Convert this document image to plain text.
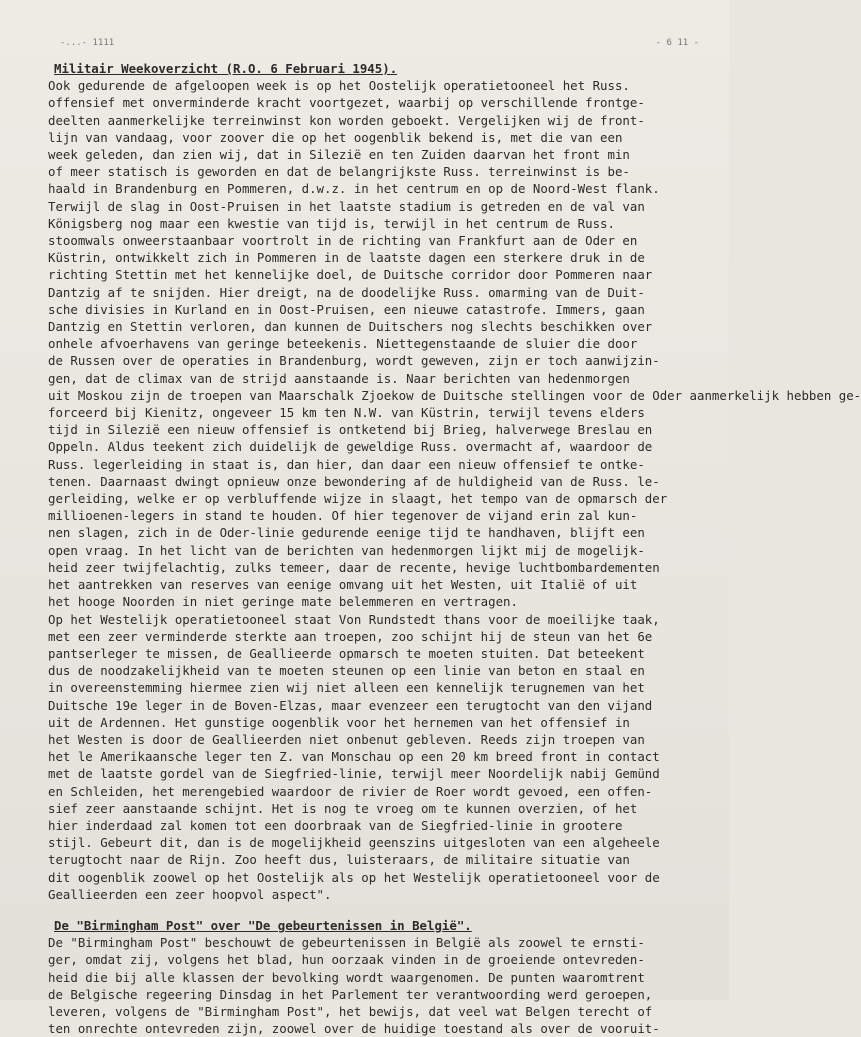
-...- 1111	- 6 11 -
Militair Weekoverzicht (R.O. 6 Februari 1945).
Ook gedurende de afgeloopen week is op het Oostelijk operatietooneel het Russ.
offensief met onverminderde kracht voortgezet, waarbij op verschillende frontge-
deelten aanmerkelijke terreinwinst kon worden geboekt. Vergelijken wij de front-
lijn van vandaag, voor zoover die op het oogenblik bekend is, met die van een
week geleden, dan zien wij, dat in Silezië en ten Zuiden daarvan het front min
of meer statisch is geworden en dat de belangrijkste Russ. terreinwinst is be-
haald in Brandenburg en Pommeren, d.w.z. in het centrum en op de Noord-West flank.
Terwijl de slag in Oost-Pruisen in het laatste stadium is getreden en de val van
Königsberg nog maar een kwestie van tijd is, terwijl in het centrum de Russ.
stoomwals onweerstaanbaar voortrolt in de richting van Frankfurt aan de Oder en
Küstrin, ontwikkelt zich in Pommeren in de laatste dagen een sterkere druk in de
richting Stettin met het kennelijke doel, de Duitsche corridor door Pommeren naar
Dantzig af te snijden. Hier dreigt, na de doodelijke Russ. omarming van de Duit-
sche divisies in Kurland en in Oost-Pruisen, een nieuwe catastrofe. Immers, gaan
Dantzig en Stettin verloren, dan kunnen de Duitschers nog slechts beschikken over
onhele afvoerhavens van geringe beteekenis. Niettegenstaande de sluier die door
de Russen over de operaties in Brandenburg, wordt geweven, zijn er toch aanwijzin-
gen, dat de climax van de strijd aanstaande is. Naar berichten van hedenmorgen
uit Moskou zijn de troepen van Maarschalk Zjoekow de Duitsche stellingen voor de Oder aanmerkelijk hebben ge-
forceerd bij Kienitz, ongeveer 15 km ten N.W. van Küstrin, terwijl tevens elders
tijd in Silezië een nieuw offensief is ontketend bij Brieg, halverwege Breslau en
Oppeln. Aldus teekent zich duidelijk de geweldige Russ. overmacht af, waardoor de
Russ. legerleiding in staat is, dan hier, dan daar een nieuw offensief te ontke-
tenen. Daarnaast dwingt opnieuw onze bewondering af de huldigheid van de Russ. le-
gerleiding, welke er op verbluffende wijze in slaagt, het tempo van de opmarsch der
millioenen-legers in stand te houden. Of hier tegenover de vijand erin zal kun-
nen slagen, zich in de Oder-linie gedurende eenige tijd te handhaven, blijft een
open vraag. In het licht van de berichten van hedenmorgen lijkt mij de mogelijk-
heid zeer twijfelachtig, zulks temeer, daar de recente, hevige luchtbombardementen
het aantrekken van reserves van eenige omvang uit het Westen, uit Italië of uit
het hooge Noorden in niet geringe mate belemmeren en vertragen.
Op het Westelijk operatietooneel staat Von Rundstedt thans voor de moeilijke taak,
met een zeer verminderde sterkte aan troepen, zoo schijnt hij de steun van het 6e
pantserleger te missen, de Geallieerde opmarsch te moeten stuiten. Dat beteekent
dus de noodzakelijkheid van te moeten steunen op een linie van beton en staal en
in overeenstemming hiermee zien wij niet alleen een kennelijk terugnemen van het
Duitsche 19e leger in de Boven-Elzas, maar evenzeer een terugtocht van den vijand
uit de Ardennen. Het gunstige oogenblik voor het hernemen van het offensief in
het Westen is door de Geallieerden niet onbenut gebleven. Reeds zijn troepen van
het le Amerikaansche leger ten Z. van Monschau op een 20 km breed front in contact
met de laatste gordel van de Siegfried-linie, terwijl meer Noordelijk nabij Gemünd
en Schleiden, het merengebied waardoor de rivier de Roer wordt gevoed, een offen-
sief zeer aanstaande schijnt. Het is nog te vroeg om te kunnen overzien, of het
hier inderdaad zal komen tot een doorbraak van de Siegfried-linie in grootere
stijl. Gebeurt dit, dan is de mogelijkheid geenszins uitgesloten van een algeheele
terugtocht naar de Rijn. Zoo heeft dus, luisteraars, de militaire situatie van
dit oogenblik zoowel op het Oostelijk als op het Westelijk operatietooneel voor de
Geallieerden een zeer hoopvol aspect".
De "Birmingham Post" over "De gebeurtenissen in België".
De "Birmingham Post" beschouwt de gebeurtenissen in België als zoowel te ernsti-
ger, omdat zij, volgens het blad, hun oorzaak vinden in de groeiende ontevreden-
heid die bij alle klassen der bevolking wordt waargenomen. De punten waaromtrent
de Belgische regeering Dinsdag in het Parlement ter verantwoording werd geroepen,
leveren, volgens de "Birmingham Post", het bewijs, dat veel wat Belgen terecht of
ten onrechte ontevreden zijn, zoowel over de huidige toestand als over de vooruit-
